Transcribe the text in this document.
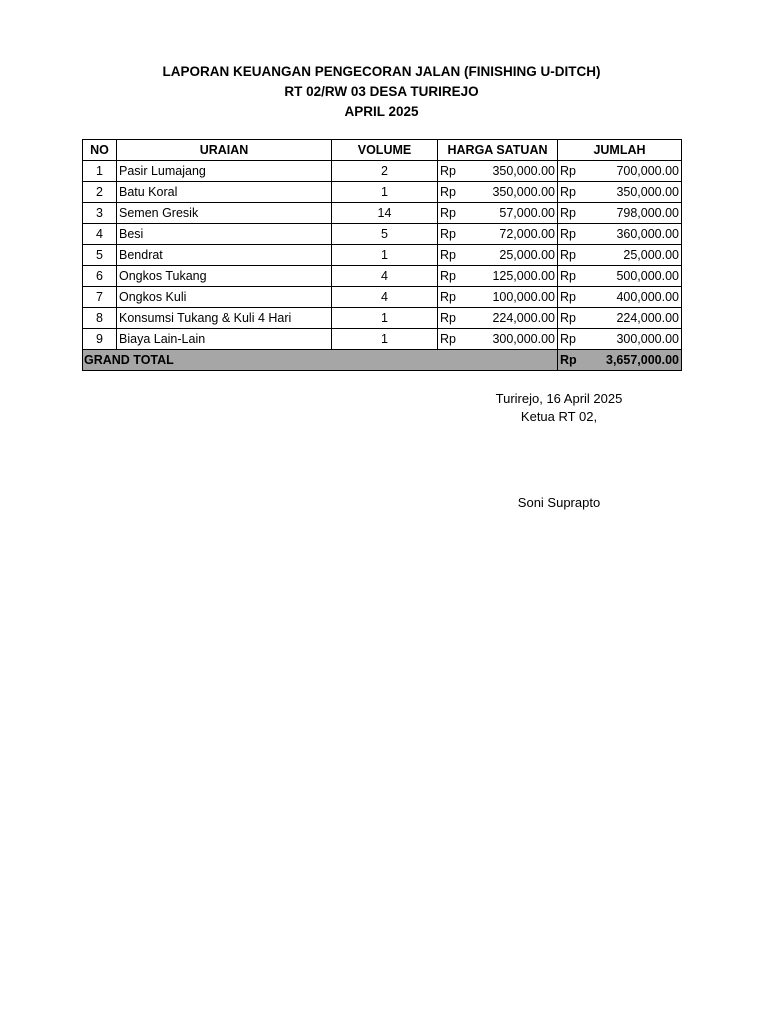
LAPORAN KEUANGAN PENGECORAN JALAN (FINISHING U-DITCH)
RT 02/RW 03 DESA TURIREJO
APRIL 2025
NO	URAIAN	VOLUME	HARGA SATUAN	JUMLAH
1	Pasir Lumajang	2	Rp 350,000.00	Rp 700,000.00

2	Batu Koral	1	Rp 350,000.00	Rp 350,000.00

3	Semen Gresik	14	Rp 57,000.00	Rp 798,000.00

4	Besi	5	Rp 72,000.00	Rp 360,000.00

5	Bendrat	1	Rp 25,000.00	Rp 25,000.00

6	Ongkos Tukang	4	Rp 125,000.00	Rp 500,000.00

7	Ongkos Kuli	4	Rp 100,000.00	Rp 400,000.00

8	Konsumsi Tukang & Kuli 4 Hari	1	Rp 224,000.00	Rp 224,000.00

9	Biaya Lain-Lain	1	Rp 300,000.00	Rp 300,000.00

GRAND TOTAL				Rp 3,657,000.00
Turirejo, 16 April 2025
Ketua RT 02,
Soni Suprapto
